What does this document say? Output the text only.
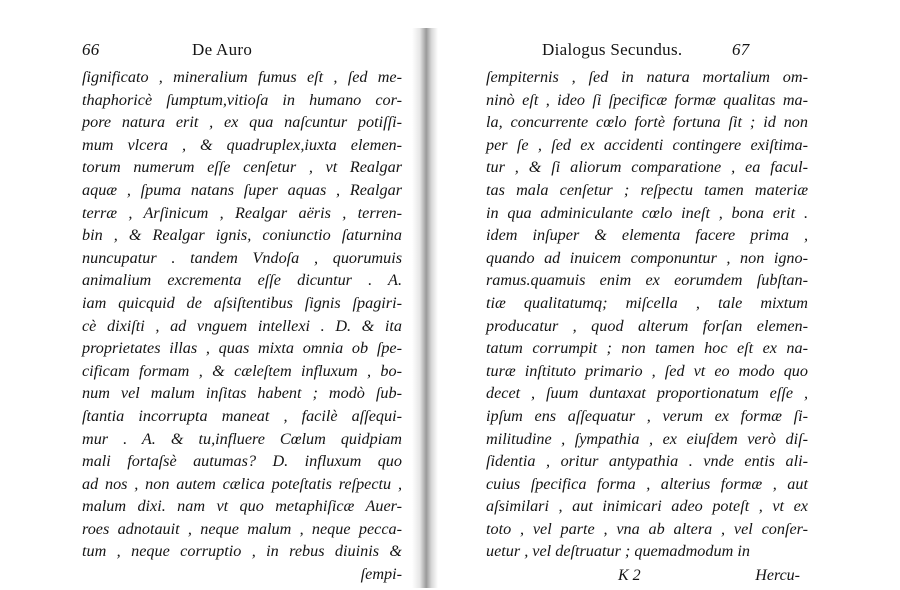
66	De Auro
ſignificato , mineralium fumus eſt , ſed me-
thaphoricè ſumptum,vitioſa in humano cor-
pore natura erit , ex qua naſcuntur potiſſi-
mum vlcera , & quadruplex,iuxta elemen-
torum numerum eſſe cenſetur , vt Realgar
aquæ , ſpuma natans ſuper aquas , Realgar
terræ , Arſinicum , Realgar aëris , terren-
bin , & Realgar ignis, coniunctio ſaturnina
nuncupatur . tandem Vndoſa , quorumuis
animalium excrementa eſſe dicuntur . A.
iam quicquid de aſsiſtentibus ſignis ſpagiri-
cè dixiſti , ad vnguem intellexi . D. & ita
proprietates illas , quas mixta omnia ob ſpe-
cificam formam , & cæleſtem influxum , bo-
num vel malum inſitas habent ; modò ſub-
ſtantia incorrupta maneat , facilè aſſequi-
mur . A. & tu,influere Cœlum quidpiam
mali fortaſsè autumas? D. influxum quo
ad nos , non autem cælica poteſtatis reſpectu ,
malum dixi. nam vt quo metaphiſicæ Auer-
roes adnotauit , neque malum , neque pecca-
tum , neque corruptio , in rebus diuinis &
ſempi-
Dialogus Secundus.	67
ſempiternis , ſed in natura mortalium om-
ninò eſt , ideo ſi ſpecificæ formæ qualitas ma-
la, concurrente cœlo fortè fortuna ſit ; id non
per ſe , ſed ex accidenti contingere exiſtima-
tur , & ſi aliorum comparatione , ea facul-
tas mala cenſetur ; reſpectu tamen materiæ
in qua adminiculante cœlo ineſt , bona erit .
idem inſuper & elementa facere prima ,
quando ad inuicem componuntur , non igno-
ramus.quamuis enim ex eorumdem ſubſtan-
tiæ qualitatumq; miſcella , tale mixtum
producatur , quod alterum forſan elemen-
tatum corrumpit ; non tamen hoc eſt ex na-
turæ inſtituto primario , ſed vt eo modo quo
decet , ſuum duntaxat proportionatum eſſe ,
ipſum ens aſſequatur , verum ex formæ ſi-
militudine , ſympathia , ex eiuſdem verò diſ-
ſidentia , oritur antypathia . vnde entis ali-
cuius ſpecifica forma , alterius formæ , aut
aſsimilari , aut inimicari adeo poteſt , vt ex
toto , vel parte , vna ab altera , vel conſer-
uetur , vel deſtruatur ; quemadmodum in
K 2	Hercu-
